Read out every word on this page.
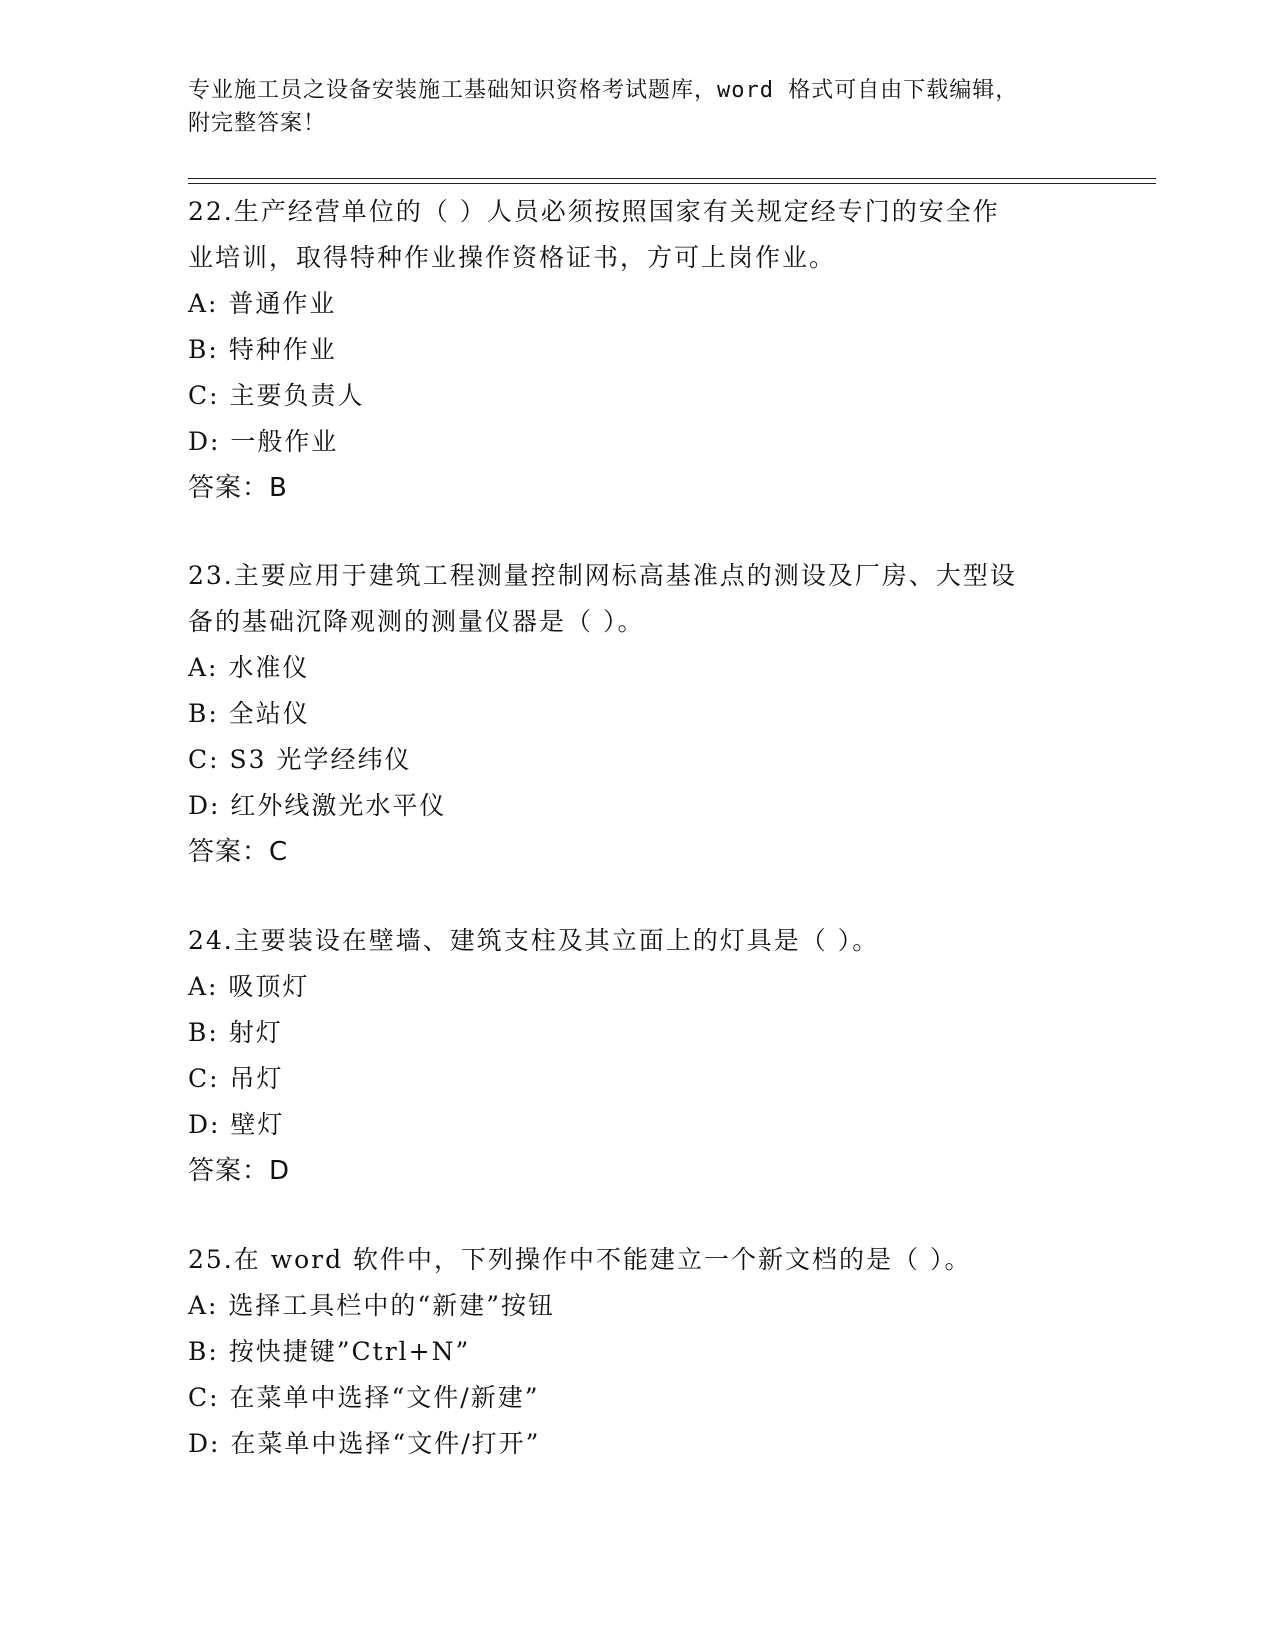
专业施工员之设备安装施工基础知识资格考试题库，word 格式可自由下载编辑，
附完整答案！
22.生产经营单位的（ ）人员必须按照国家有关规定经专门的安全作
业培训，取得特种作业操作资格证书，方可上岗作业。
A: 普通作业
B: 特种作业
C: 主要负责人
D: 一般作业
答案：B
23.主要应用于建筑工程测量控制网标高基准点的测设及厂房、大型设
备的基础沉降观测的测量仪器是（ ）。
A: 水准仪
B: 全站仪
C: S3 光学经纬仪
D: 红外线激光水平仪
答案：C
24.主要装设在壁墙、建筑支柱及其立面上的灯具是（ ）。
A: 吸顶灯
B: 射灯
C: 吊灯
D: 壁灯
答案：D
25.在 word 软件中，下列操作中不能建立一个新文档的是（ ）。
A: 选择工具栏中的“新建”按钮
B: 按快捷键”Ctrl+N”
C: 在菜单中选择“文件/新建”
D: 在菜单中选择“文件/打开”
